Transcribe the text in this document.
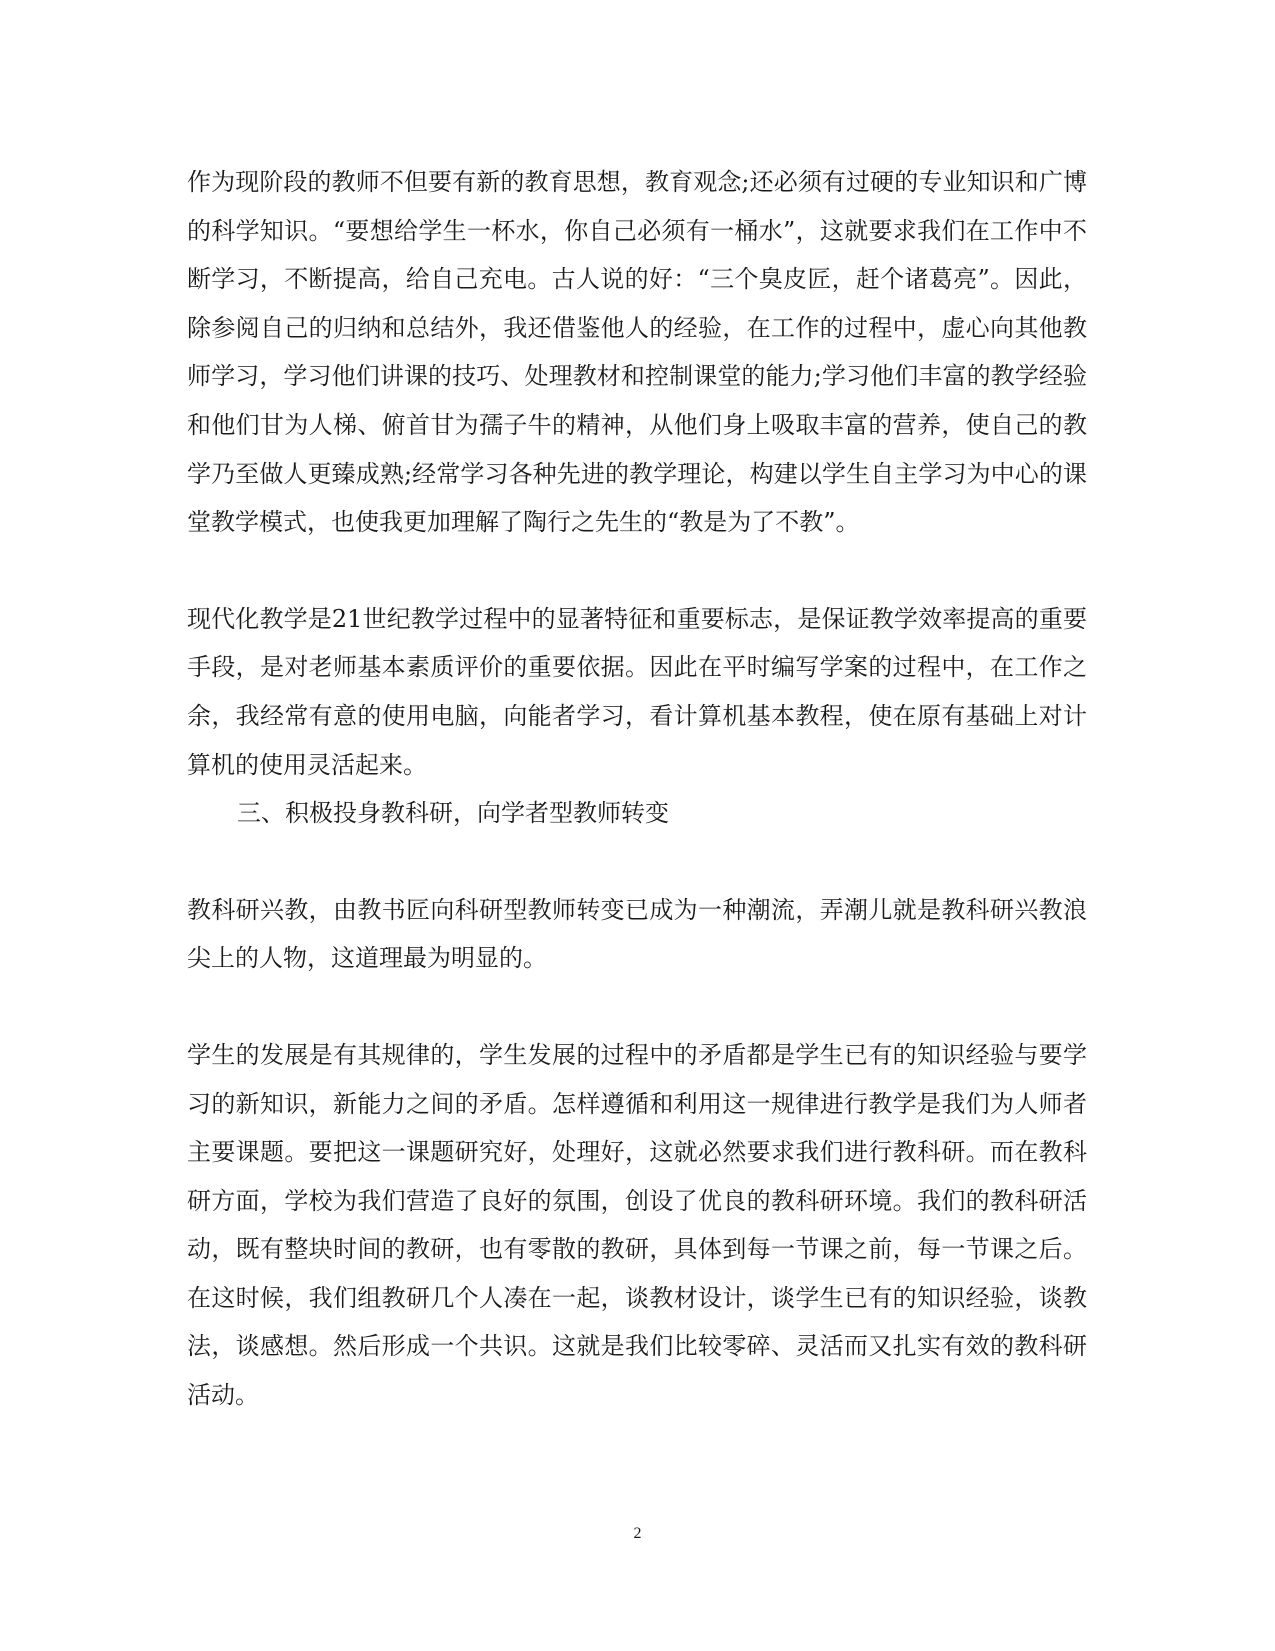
作为现阶段的教师不但要有新的教育思想，教育观念;还必须有过硬的专业知识和广博的科学知识。“要想给学生一杯水，你自己必须有一桶水”，这就要求我们在工作中不断学习，不断提高，给自己充电。古人说的好：“三个臭皮匠，赶个诸葛亮”。因此，除参阅自己的归纳和总结外，我还借鉴他人的经验，在工作的过程中，虚心向其他教师学习，学习他们讲课的技巧、处理教材和控制课堂的能力;学习他们丰富的教学经验和他们甘为人梯、俯首甘为孺子牛的精神，从他们身上吸取丰富的营养，使自己的教学乃至做人更臻成熟;经常学习各种先进的教学理论，构建以学生自主学习为中心的课堂教学模式，也使我更加理解了陶行之先生的“教是为了不教”。

现代化教学是21世纪教学过程中的显著特征和重要标志，是保证教学效率提高的重要手段，是对老师基本素质评价的重要依据。因此在平时编写学案的过程中，在工作之余，我经常有意的使用电脑，向能者学习，看计算机基本教程，使在原有基础上对计算机的使用灵活起来。

三、积极投身教科研，向学者型教师转变

教科研兴教，由教书匠向科研型教师转变已成为一种潮流，弄潮儿就是教科研兴教浪尖上的人物，这道理最为明显的。

学生的发展是有其规律的，学生发展的过程中的矛盾都是学生已有的知识经验与要学习的新知识，新能力之间的矛盾。怎样遵循和利用这一规律进行教学是我们为人师者主要课题。要把这一课题研究好，处理好，这就必然要求我们进行教科研。而在教科研方面，学校为我们营造了良好的氛围，创设了优良的教科研环境。我们的教科研活动，既有整块时间的教研，也有零散的教研，具体到每一节课之前，每一节课之后。在这时候，我们组教研几个人凑在一起，谈教材设计，谈学生已有的知识经验，谈教法，谈感想。然后形成一个共识。这就是我们比较零碎、灵活而又扎实有效的教科研活动。

2
